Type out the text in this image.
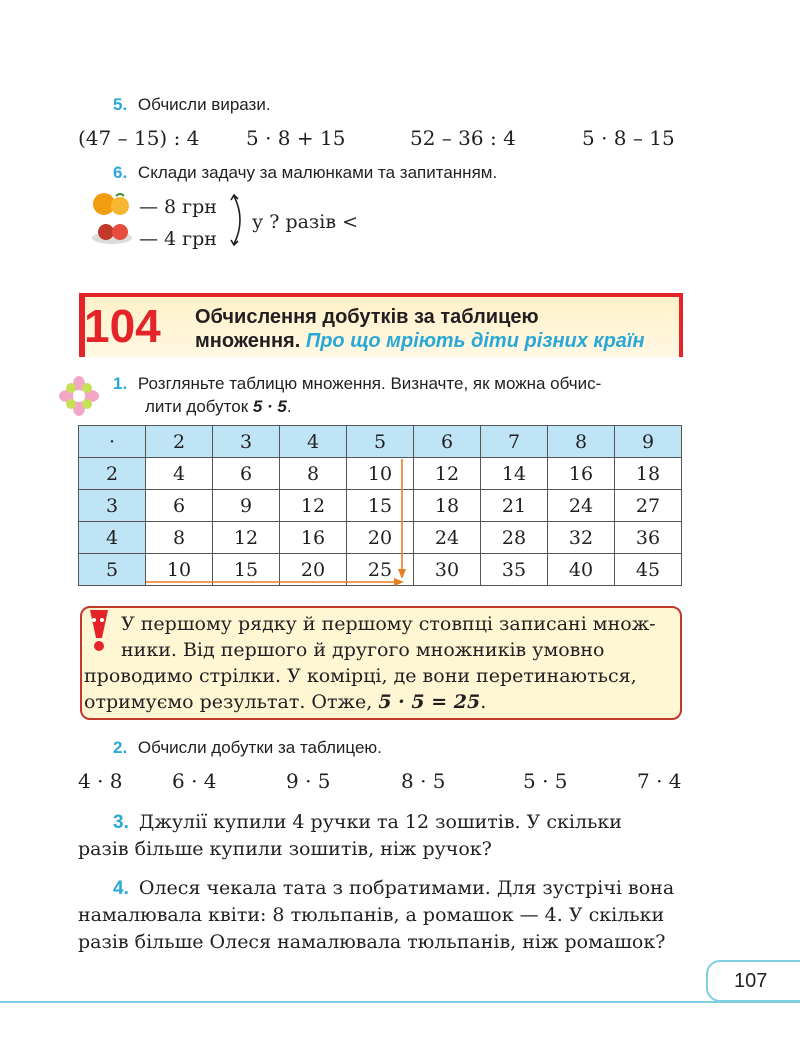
5. Обчисли вирази.
(47 – 15) : 4 5 · 8 + 15	52 – 36 : 4	5 · 8 – 15
6. Склади задачу за малюнками та запитанням.
— 8 грн
— 4 грн
у ? разів <
104 Обчислення добутків за таблицею
множення. Про що мріють діти різних країн
1. Розгляньте таблицю множення. Визначте, як можна обчис-
лити добуток 5 · 5.
·	2	3	4	5	6	7	8	9
2	4	6	8	10	12	14	16	18
3	6	9	12	15	18	21	24	27
4	8	12	16	20	24	28	32	36
5	10	15	20	25	30	35	40	45
У першому рядку й першому стовпці записані множ-
ники. Від першого й другого множників умовно
проводимо стрілки. У комірці, де вони перетинаються,
отримуємо результат. Отже, 5 · 5 = 25.
2. Обчисли добутки за таблицею.
4 · 8 6 · 4	9 · 5	8 · 5	5 · 5	7 · 4
3. Джулії купили 4 ручки та 12 зошитів. У скільки
разів більше купили зошитів, ніж ручок?
4. Олеся чекала тата з побратимами. Для зустрічі вона
намалювала квіти: 8 тюльпанів, а ромашок — 4. У скільки
разів більше Олеся намалювала тюльпанів, ніж ромашок?
107
